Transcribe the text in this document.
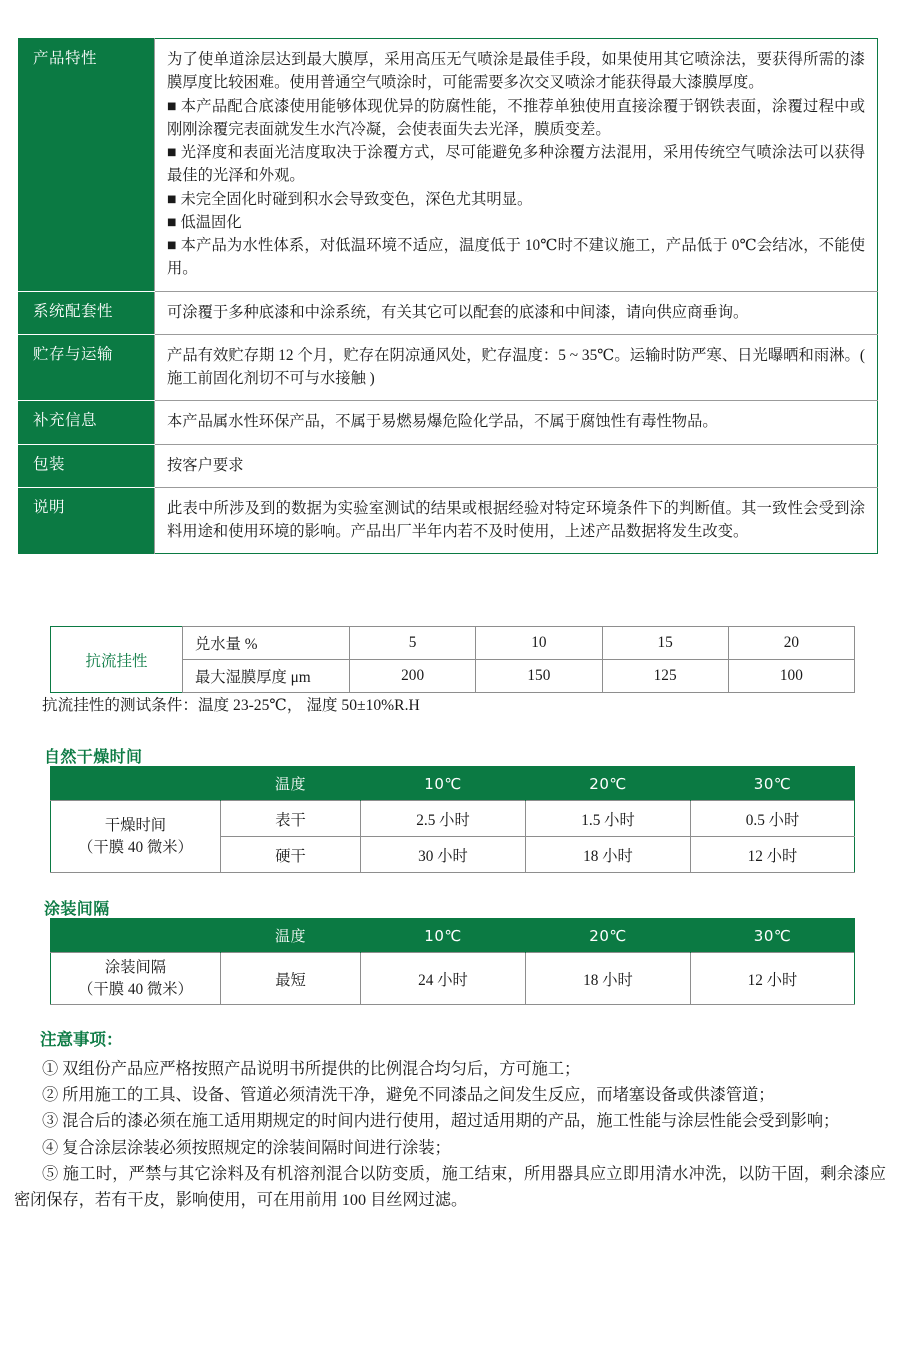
产品特性	为了使单道涂层达到最大膜厚，采用高压无气喷涂是最佳手段，如果使用其它喷涂法，要获得所需的漆膜厚度比较困难。使用普通空气喷涂时，可能需要多次交叉喷涂才能获得最大漆膜厚度。

■ 本产品配合底漆使用能够体现优异的防腐性能，不推荐单独使用直接涂覆于钢铁表面，涂覆过程中或刚刚涂覆完表面就发生水汽冷凝，会使表面失去光泽，膜质变差。
■ 光泽度和表面光洁度取决于涂覆方式，尽可能避免多种涂覆方法混用，采用传统空气喷涂法可以获得最佳的光泽和外观。
■ 未完全固化时碰到积水会导致变色，深色尤其明显。
■ 低温固化
■ 本产品为水性体系，对低温环境不适应，温度低于 10℃时不建议施工，产品低于 0℃会结冰，不能使用。

系统配套性	可涂覆于多种底漆和中涂系统，有关其它可以配套的底漆和中间漆，请向供应商垂询。
贮存与运输	产品有效贮存期 12 个月，贮存在阴凉通风处，贮存温度：5 ~ 35℃。运输时防严寒、日光曝晒和雨淋。( 施工前固化剂切不可与水接触 )
补充信息	本产品属水性环保产品，不属于易燃易爆危险化学品，不属于腐蚀性有毒性物品。
包装	按客户要求
说明	此表中所涉及到的数据为实验室测试的结果或根据经验对特定环境条件下的判断值。其一致性会受到涂料用途和使用环境的影响。产品出厂半年内若不及时使用，上述产品数据将发生改变。
抗流挂性	兑水量 %	5	10	15	20
	最大湿膜厚度 μm	200	150	125	100
抗流挂性的测试条件：温度 23-25℃， 湿度 50±10%R.H
自然干燥时间
	温度	10℃	20℃	30℃
干燥时间
（干膜 40 微米）	表干	2.5 小时	1.5 小时	0.5 小时
	硬干	30 小时	18 小时	12 小时
涂装间隔
	温度	10℃	20℃	30℃
涂装间隔
（干膜 40 微米）	最短	24 小时	18 小时	12 小时
注意事项：
① 双组份产品应严格按照产品说明书所提供的比例混合均匀后，方可施工；
② 所用施工的工具、设备、管道必须清洗干净，避免不同漆品之间发生反应，而堵塞设备或供漆管道；
③ 混合后的漆必须在施工适用期规定的时间内进行使用，超过适用期的产品，施工性能与涂层性能会受到影响；
④ 复合涂层涂装必须按照规定的涂装间隔时间进行涂装；
⑤ 施工时，严禁与其它涂料及有机溶剂混合以防变质，施工结束，所用器具应立即用清水冲洗，以防干固，剩余漆应密闭保存，若有干皮，影响使用，可在用前用 100 目丝网过滤。
